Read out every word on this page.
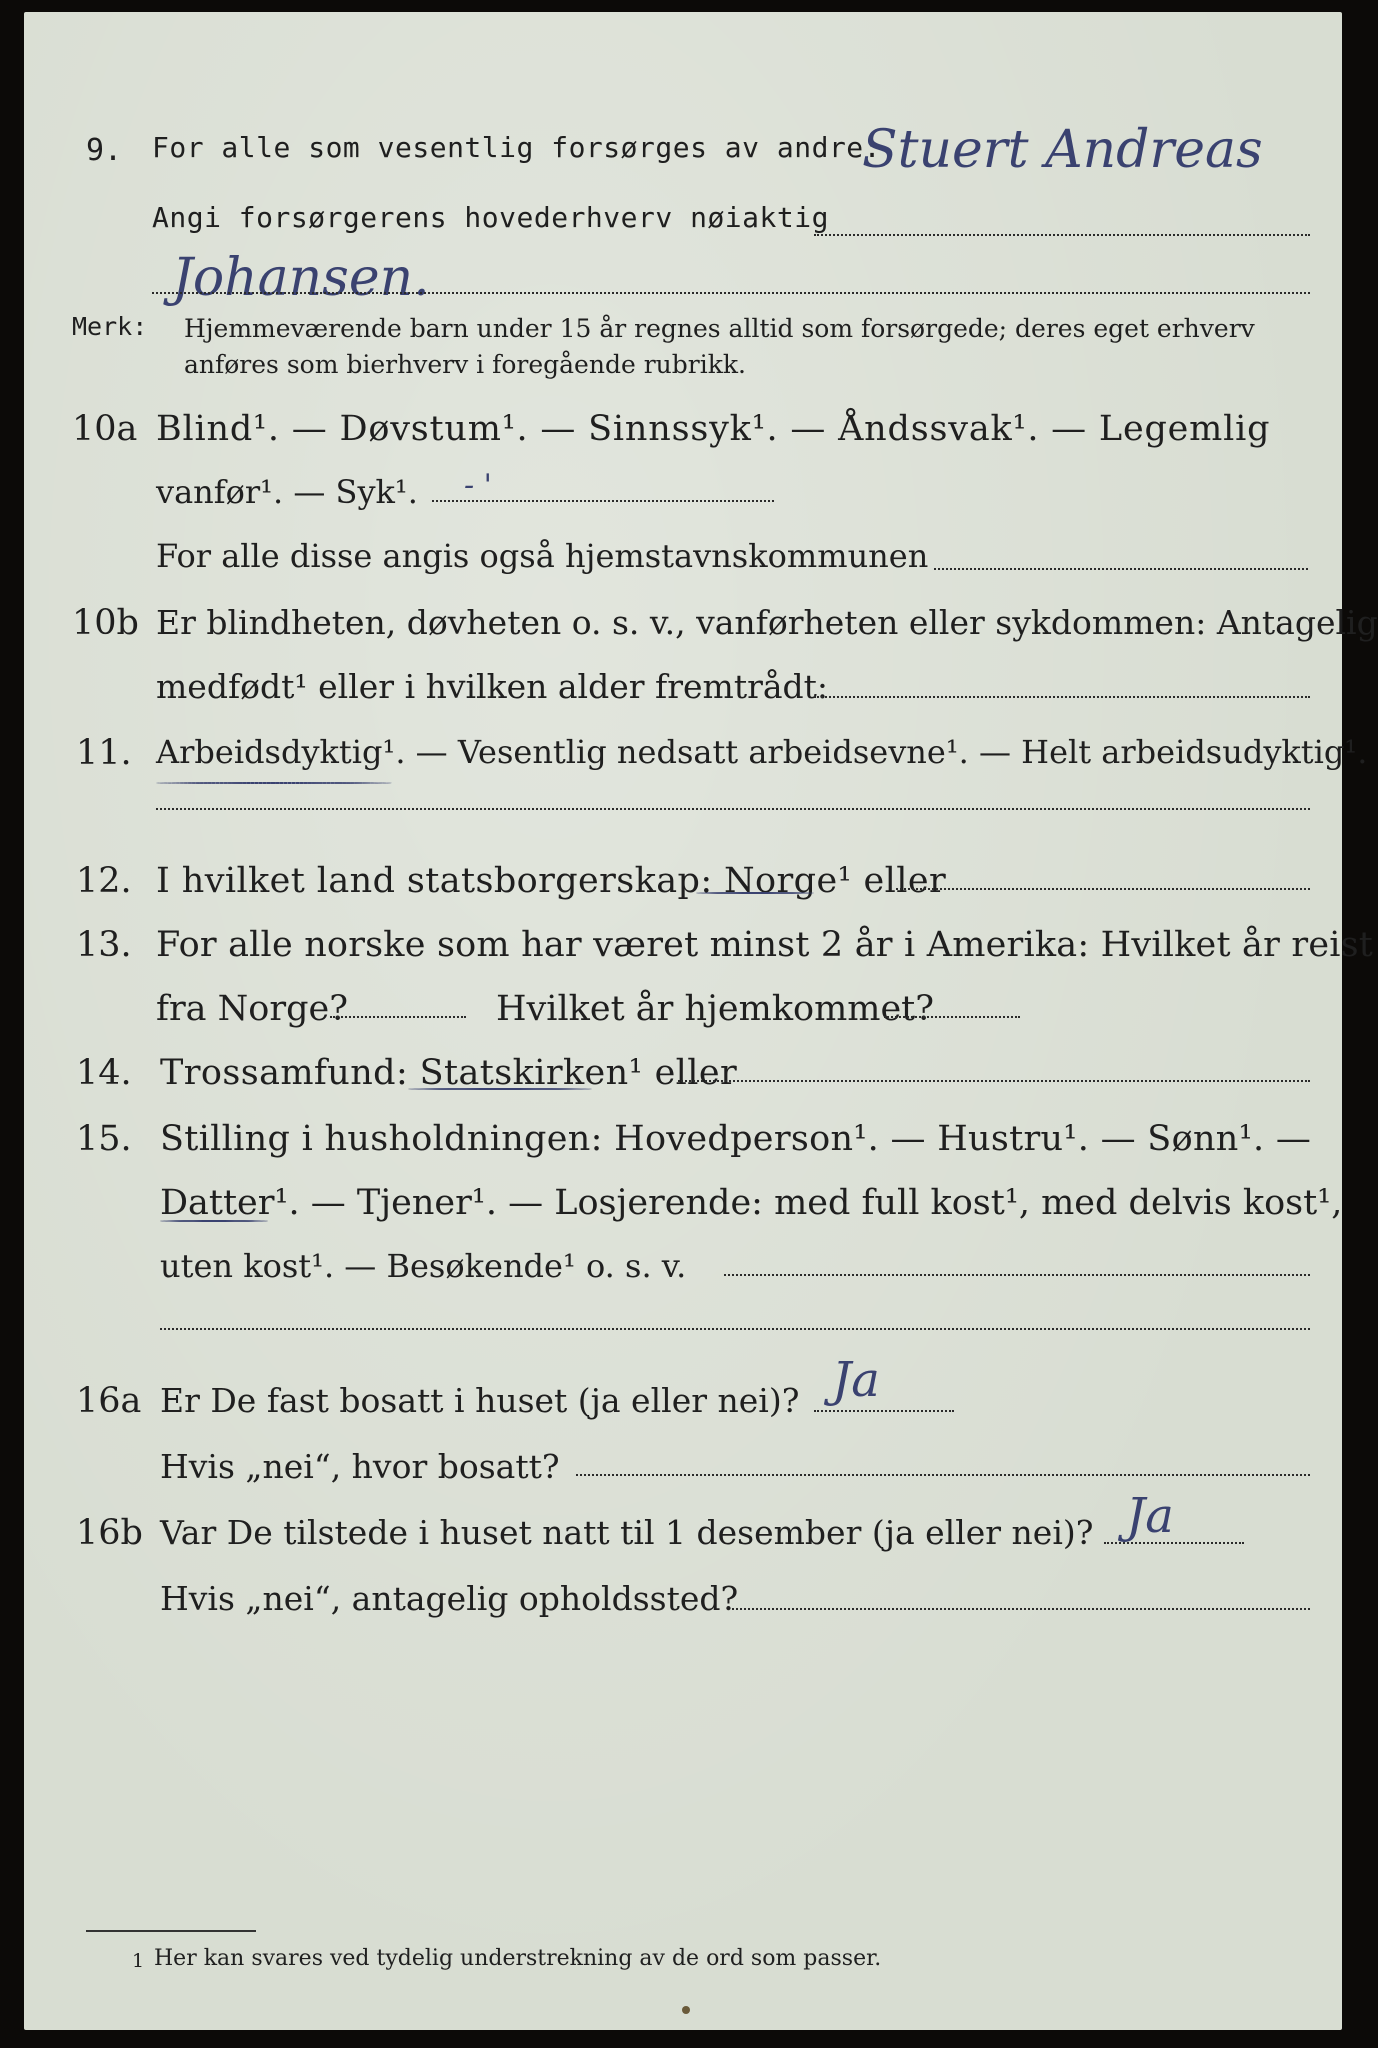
9. For alle som vesentlig forsørges av andre:
Stuert Andreas
Angi forsørgerens hovederhverv nøiaktig
Johansen.
Merk: Hjemmeværende barn under 15 år regnes alltid som forsørgede; deres eget erhverv
anføres som bierhverv i foregående rubrikk.
10a Blind¹. — Døvstum¹. — Sinnssyk¹. — Åndssvak¹. — Legemlig
vanfør¹. — Syk¹. - '
For alle disse angis også hjemstavnskommunen
10b Er blindheten, døvheten o. s. v., vanførheten eller sykdommen: Antagelig
medfødt¹ eller i hvilken alder fremtrådt:
11. Arbeidsdyktig¹. — Vesentlig nedsatt arbeidsevne¹. — Helt arbeidsudyktig¹.
12. I hvilket land statsborgerskap: Norge¹ eller
13. For alle norske som har været minst 2 år i Amerika: Hvilket år reist
fra Norge?	Hvilket år hjemkommet?
14. Trossamfund: Statskirken¹ eller
15. Stilling i husholdningen: Hovedperson¹. — Hustru¹. — Sønn¹. —
Datter¹. — Tjener¹. — Losjerende: med full kost¹, med delvis kost¹,
uten kost¹. — Besøkende¹ o. s. v.
16a Er De fast bosatt i huset (ja eller nei)? Ja
Hvis „nei“, hvor bosatt?
16b Var De tilstede i huset natt til 1 desember (ja eller nei)? Ja
Hvis „nei“, antagelig opholdssted?
1 Her kan svares ved tydelig understrekning av de ord som passer.
